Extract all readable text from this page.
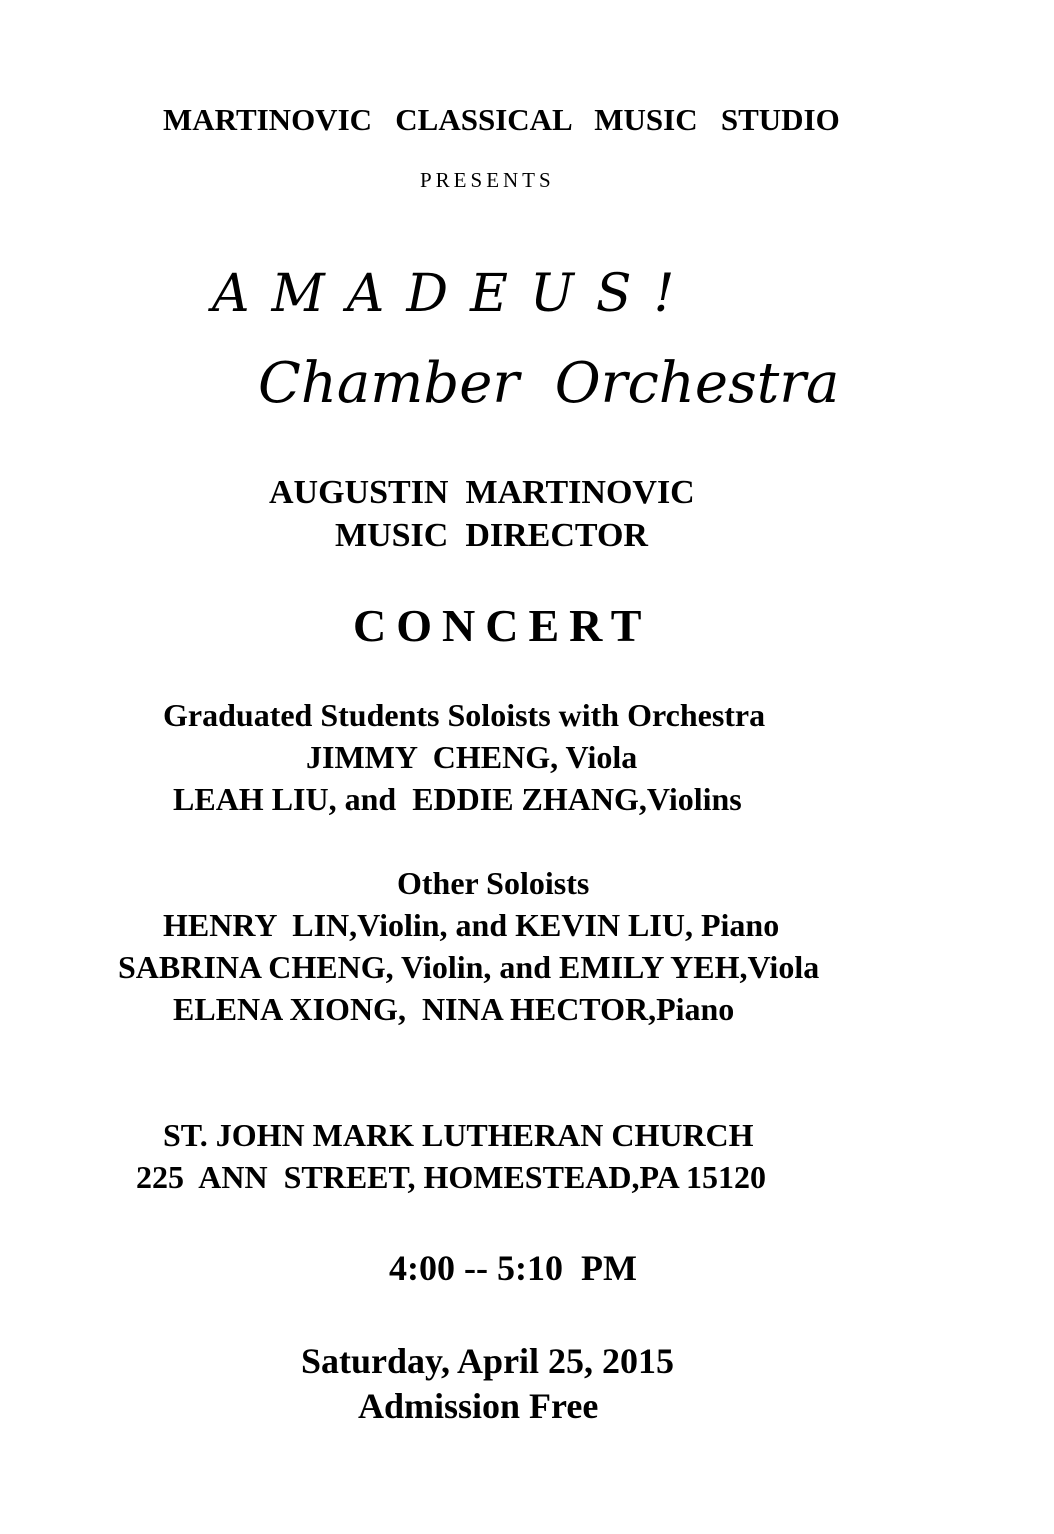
MARTINOVIC   CLASSICAL   MUSIC   STUDIO
PRESENTS
AMADEUS!
Chamber  Orchestra
AUGUSTIN  MARTINOVIC
MUSIC  DIRECTOR
CONCERT
Graduated Students Soloists with Orchestra
JIMMY  CHENG, Viola
LEAH LIU, and  EDDIE ZHANG,Violins
Other Soloists
HENRY  LIN,Violin, and KEVIN LIU, Piano
SABRINA CHENG, Violin, and EMILY YEH,Viola
ELENA XIONG,  NINA HECTOR,Piano
ST. JOHN MARK LUTHERAN CHURCH
225  ANN  STREET, HOMESTEAD,PA 15120
4:00 -- 5:10  PM
Saturday, April 25, 2015
Admission Free
